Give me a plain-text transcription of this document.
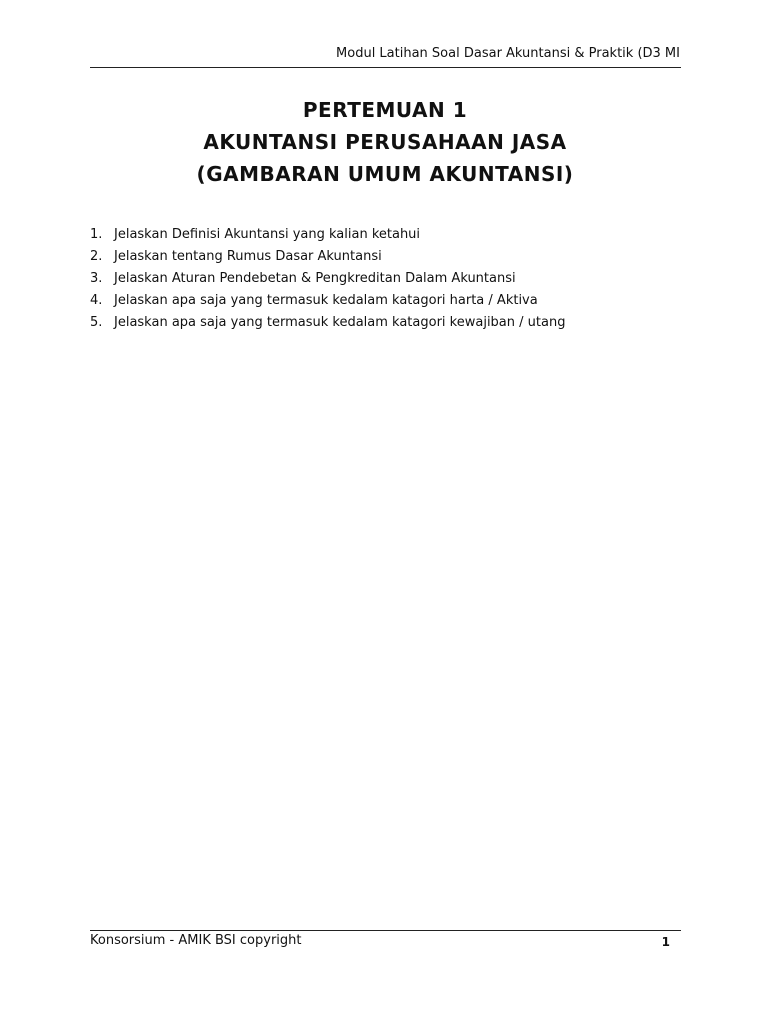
Modul Latihan Soal Dasar Akuntansi & Praktik (D3 MI
PERTEMUAN 1
AKUNTANSI PERUSAHAAN JASA
(GAMBARAN UMUM AKUNTANSI)
1. Jelaskan Definisi Akuntansi yang kalian ketahui
2. Jelaskan tentang Rumus Dasar Akuntansi
3. Jelaskan Aturan Pendebetan & Pengkreditan Dalam Akuntansi
4. Jelaskan apa saja yang termasuk kedalam katagori harta / Aktiva
5. Jelaskan apa saja yang termasuk kedalam katagori kewajiban / utang
Konsorsium - AMIK BSI copyright	1
